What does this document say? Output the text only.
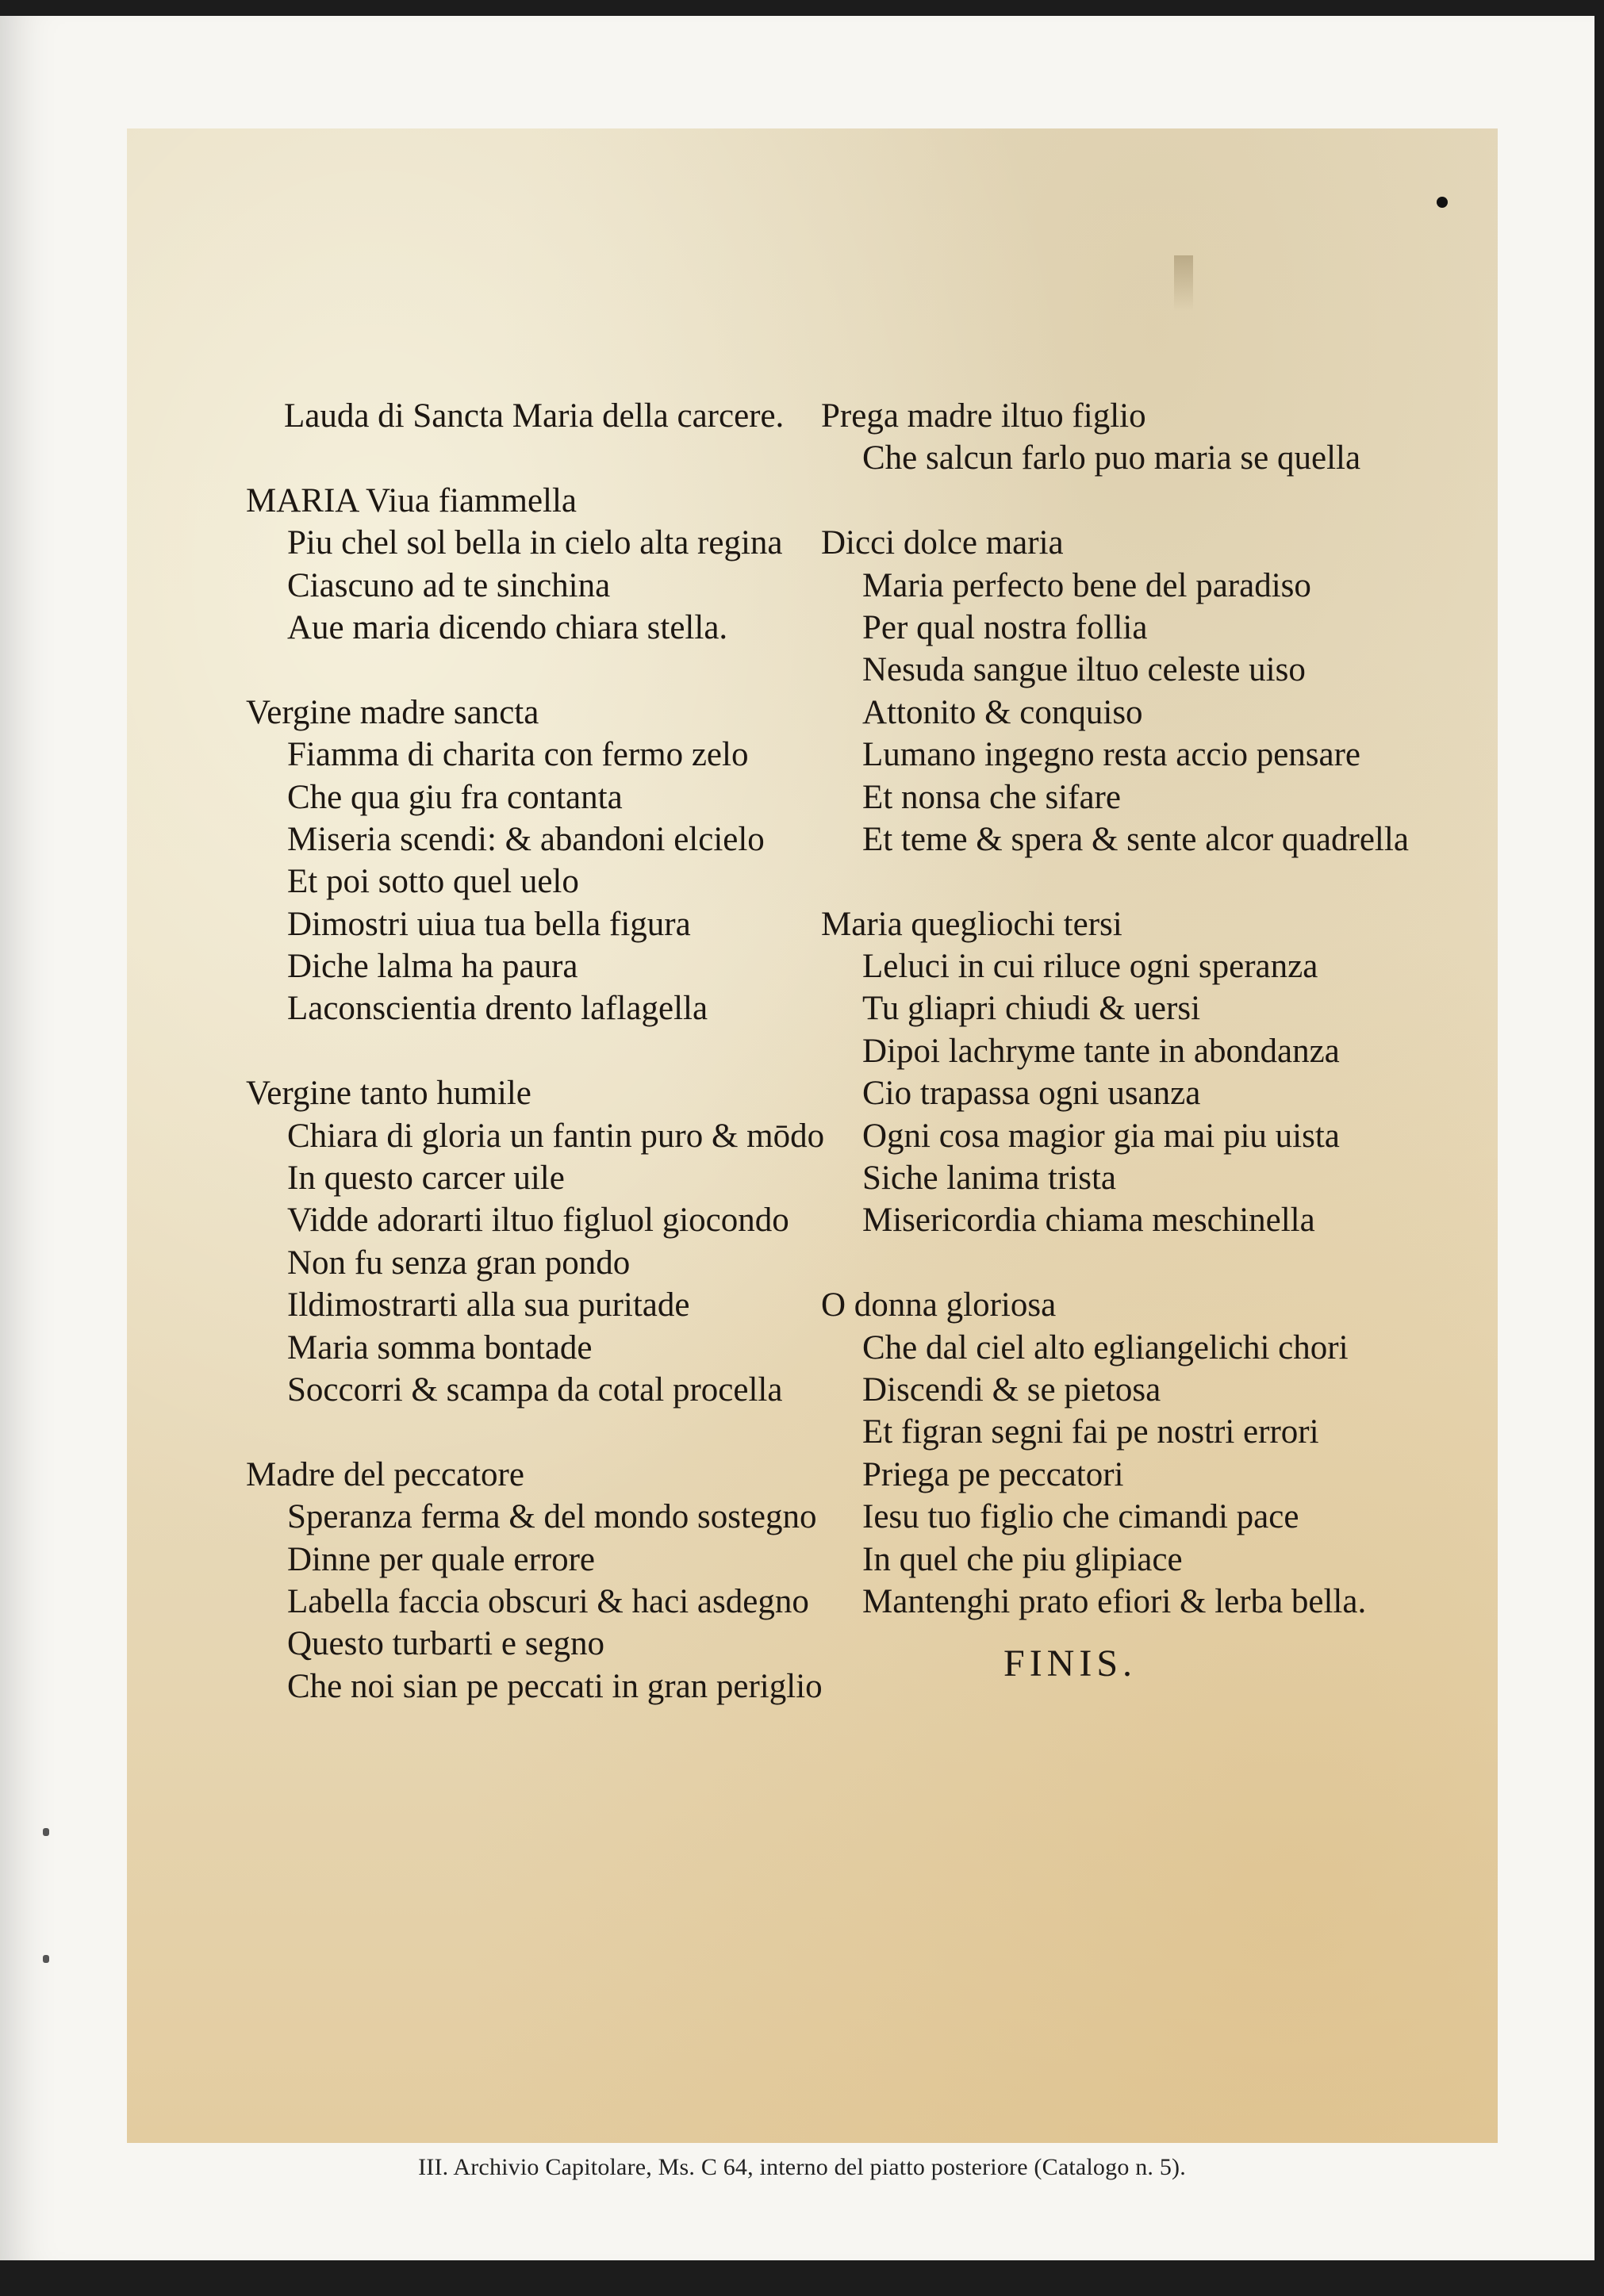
Lauda di Sancta Maria della carcere.
MARIA Viua fiammella
Piu chel sol bella in cielo alta regina
Ciascuno ad te sinchina
Aue maria dicendo chiara stella.
Vergine madre sancta
Fiamma di charita con fermo zelo
Che qua giu fra contanta
Miseria scendi: & abandoni elcielo
Et poi sotto quel uelo
Dimostri uiua tua bella figura
Diche lalma ha paura
Laconscientia drento laflagella
Vergine tanto humile
Chiara di gloria un fantin puro & mōdo
In questo carcer uile
Vidde adorarti iltuo figluol giocondo
Non fu senza gran pondo
Ildimostrarti alla sua puritade
Maria somma bontade
Soccorri & scampa da cotal procella
Madre del peccatore
Speranza ferma & del mondo sostegno
Dinne per quale errore
Labella faccia obscuri & haci asdegno
Questo turbarti e segno
Che noi sian pe peccati in gran periglio
Prega madre iltuo figlio
Che salcun farlo puo maria se quella
Dicci dolce maria
Maria perfecto bene del paradiso
Per qual nostra follia
Nesuda sangue iltuo celeste uiso
Attonito & conquiso
Lumano ingegno resta accio pensare
Et nonsa che sifare
Et teme & spera & sente alcor quadrella
Maria quegliochi tersi
Leluci in cui riluce ogni speranza
Tu gliapri chiudi & uersi
Dipoi lachryme tante in abondanza
Cio trapassa ogni usanza
Ogni cosa magior gia mai piu uista
Siche lanima trista
Misericordia chiama meschinella
O donna gloriosa
Che dal ciel alto egliangelichi chori
Discendi & se pietosa
Et figran segni fai pe nostri errori
Priega pe peccatori
Iesu tuo figlio che cimandi pace
In quel che piu glipiace
Mantenghi prato efiori & lerba bella.
FINIS.
III. Archivio Capitolare, Ms. C 64, interno del piatto posteriore (Catalogo n. 5).
